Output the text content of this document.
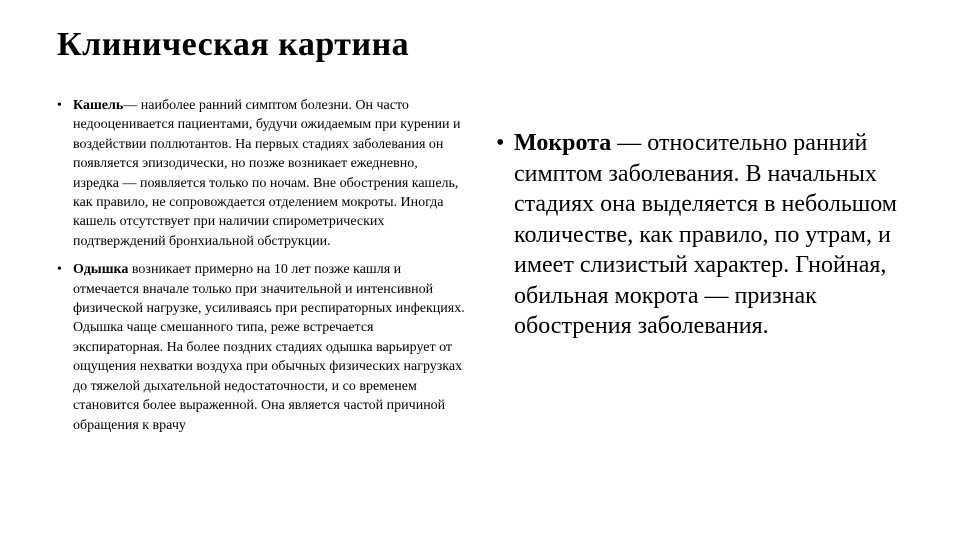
Клиническая картина

• Кашель— наиболее ранний симптом болезни. Он часто недооценивается пациентами, будучи ожидаемым при курении и воздействии поллютантов. На первых стадиях заболевания он появляется эпизодически, но позже возникает ежедневно, изредка — появляется только по ночам. Вне обострения кашель, как правило, не сопровождается отделением мокроты. Иногда кашель отсутствует при наличии спирометрических подтверждений бронхиальной обструкции.

• Одышка возникает примерно на 10 лет позже кашля и отмечается вначале только при значительной и интенсивной физической нагрузке, усиливаясь при респираторных инфекциях. Одышка чаще смешанного типа, реже встречается экспираторная. На более поздних стадиях одышка варьирует от ощущения нехватки воздуха при обычных физических нагрузках до тяжелой дыхательной недостаточности, и со временем становится более выраженной. Она является частой причиной обращения к врачу

• Мокрота — относительно ранний симптом заболевания. В начальных стадиях она выделяется в небольшом количестве, как правило, по утрам, и имеет слизистый характер. Гнойная, обильная мокрота — признак обострения заболевания.
